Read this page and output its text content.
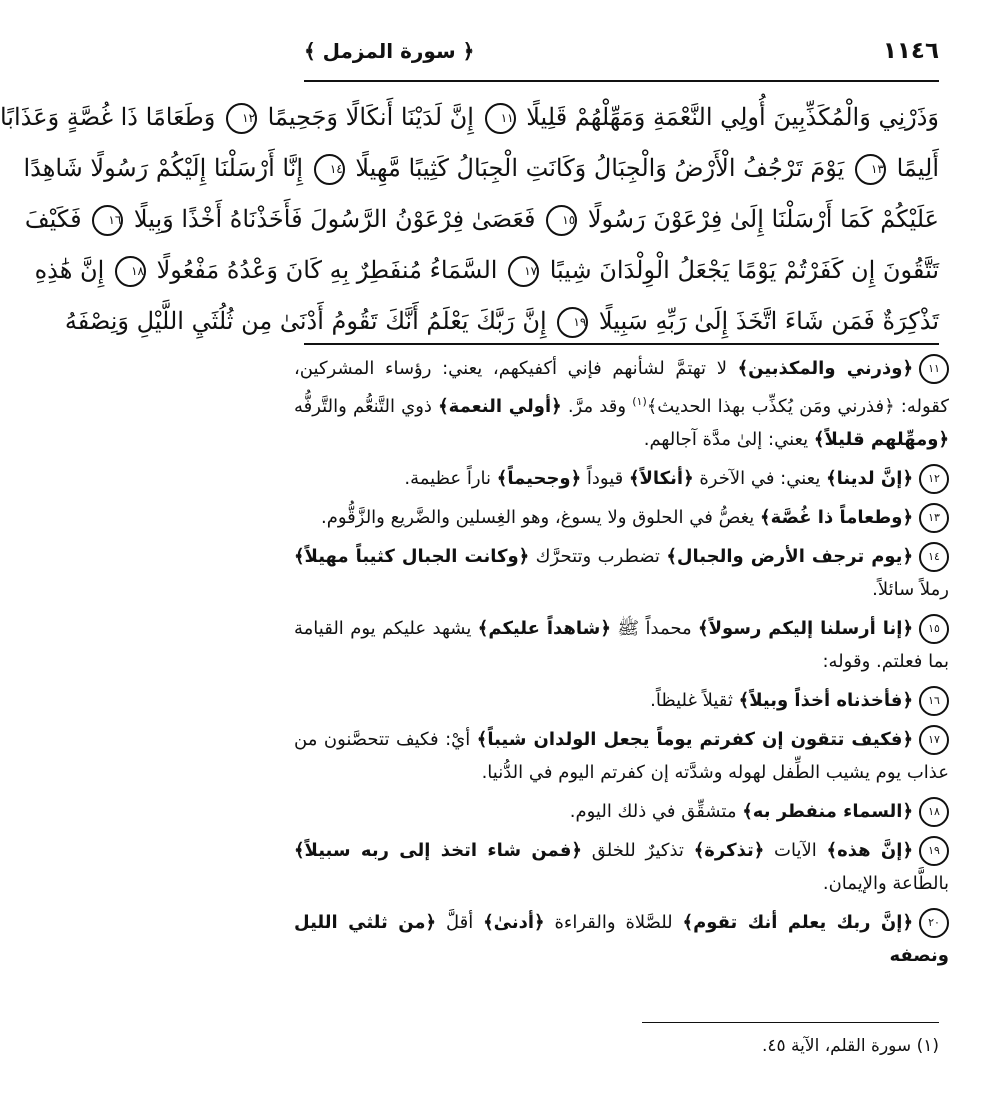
١١٤٦
﴿ سورة المزمل ﴾
وَذَرْنِي وَالْمُكَذِّبِينَ أُولِي النَّعْمَةِ وَمَهِّلْهُمْ قَلِيلًا ١١ إِنَّ لَدَيْنَا أَنكَالًا وَجَحِيمًا ١٢ وَطَعَامًا ذَا غُصَّةٍ وَعَذَابًا
أَلِيمًا ١٣ يَوْمَ تَرْجُفُ الْأَرْضُ وَالْجِبَالُ وَكَانَتِ الْجِبَالُ كَثِيبًا مَّهِيلًا ١٤ إِنَّا أَرْسَلْنَا إِلَيْكُمْ رَسُولًا شَاهِدًا
عَلَيْكُمْ كَمَا أَرْسَلْنَا إِلَىٰ فِرْعَوْنَ رَسُولًا ١٥ فَعَصَىٰ فِرْعَوْنُ الرَّسُولَ فَأَخَذْنَاهُ أَخْذًا وَبِيلًا ١٦ فَكَيْفَ
تَتَّقُونَ إِن كَفَرْتُمْ يَوْمًا يَجْعَلُ الْوِلْدَانَ شِيبًا ١٧ السَّمَاءُ مُنفَطِرٌ بِهِ كَانَ وَعْدُهُ مَفْعُولًا ١٨ إِنَّ هَٰذِهِ
تَذْكِرَةٌ فَمَن شَاءَ اتَّخَذَ إِلَىٰ رَبِّهِ سَبِيلًا ١٩ إِنَّ رَبَّكَ يَعْلَمُ أَنَّكَ تَقُومُ أَدْنَىٰ مِن ثُلُثَيِ اللَّيْلِ وَنِصْفَهُ

١١﴿وذرني والمكذبين﴾ لا تهتمَّ لشأنهم فإني أكفيكهم، يعني: رؤساء المشركين، كقوله: ﴿فذرني ومَن يُكذِّب بهذا الحديث﴾$^{(١)}$ وقد مرَّ. ﴿أولي النعمة﴾ ذوي التَّنعُّم والتَّرفُّه ﴿ومهِّلهم قليلاً﴾ يعني: إلىٰ مدَّة آجالهم.

١٢﴿إنَّ لدينا﴾ يعني: في الآخرة ﴿أنكالاً﴾ قيوداً ﴿وجحيماً﴾ ناراً عظيمة.

١٣﴿وطعاماً ذا غُصَّة﴾ يغصُّ في الحلوق ولا يسوغ، وهو الغِسلين والضَّريع والزَّقُّوم.

١٤﴿يوم ترجف الأرض والجبال﴾ تضطرب وتتحرَّك ﴿وكانت الجبال كثيباً مهيلاً﴾ رملاً سائلاً.

١٥﴿إنا أرسلنا إليكم رسولاً﴾ محمداً ﷺ ﴿شاهداً عليكم﴾ يشهد عليكم يوم القيامة بما فعلتم. وقوله:

١٦﴿فأخذناه أخذاً وبيلاً﴾ ثقيلاً غليظاً.

١٧﴿فكيف تتقون إن كفرتم يوماً يجعل الولدان شيباً﴾ أيْ: فكيف تتحصَّنون من عذاب يوم يشيب الطِّفل لهوله وشدَّته إن كفرتم اليوم في الدُّنيا.

١٨﴿السماء منفطر به﴾ متشقِّق في ذلك اليوم.

١٩﴿إنَّ هذه﴾ الآيات ﴿تذكرة﴾ تذكيرٌ للخلق ﴿فمن شاء اتخذ إلى ربه سبيلاً﴾ بالطَّاعة والإيمان.

٢٠﴿إنَّ ربك يعلم أنك تقوم﴾ للصَّلاة والقراءة ﴿أدنىٰ﴾ أقلَّ ﴿من ثلثي الليل ونصفه

(١) سورة القلم، الآية ٤٥.
